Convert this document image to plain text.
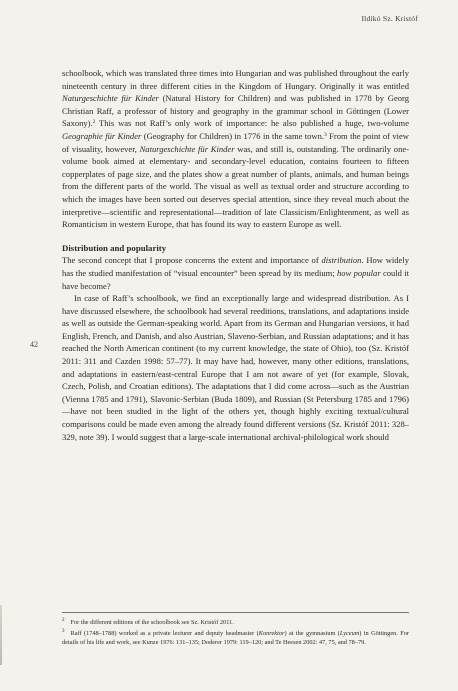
Ildikó Sz. Kristóf
42

schoolbook, which was translated three times into Hungarian and was published throughout the early nineteenth century in three different cities in the Kingdom of Hungary. Originally it was entitled Naturgeschichte für Kinder (Natural History for Children) and was published in 1778 by Georg Christian Raff, a professor of history and geography in the grammar school in Göttingen (Lower Saxony).$^2$ This was not Raff’s only work of importance: he also published a huge, two-volume Geographie für Kinder (Geography for Children) in 1776 in the same town.$^3$ From the point of view of visuality, however, Naturgeschichte für Kinder was, and still is, outstanding. The ordinarily one-volume book aimed at elementary- and secondary-level education, contains fourteen to fifteen copperplates of page size, and the plates show a great number of plants, animals, and human beings from the different parts of the world. The visual as well as textual order and structure according to which the images have been sorted out deserves special attention, since they reveal much about the interpretive—scientific and representational—tradition of late Classicism/Enlightenment, as well as Romanticism in western Europe, that has found its way to eastern Europe as well.

Distribution and popularity

The second concept that I propose concerns the extent and importance of distribution. How widely has the studied manifestation of “visual encounter” been spread by its medium; how popular could it have become?

In case of Raff’s schoolbook, we find an exceptionally large and widespread distribution. As I have discussed elsewhere, the schoolbook had several reeditions, translations, and adaptations inside as well as outside the German-speaking world. Apart from its German and Hungarian versions, it had English, French, and Danish, and also Austrian, Slaveno-Serbian, and Russian adaptations; and it has reached the North American continent (to my current knowledge, the state of Ohio), too (Sz. Kristóf 2011: 311 and Cazden 1998: 57–77). It may have had, however, many other editions, translations, and adaptations in eastern/east-central Europe that I am not aware of yet (for example, Slovak, Czech, Polish, and Croatian editions). The adaptations that I did come across—such as the Austrian (Vienna 1785 and 1791), Slavonic-Serbian (Buda 1809), and Russian (St Petersburg 1785 and 1796)—have not been studied in the light of the others yet, though highly exciting textual/cultural comparisons could be made even among the already found different versions (Sz. Kristóf 2011: 328–329, note 39). I would suggest that a large-scale international archival-philological work should

$^2$ For the different editions of the schoolbook see Sz. Kristóf 2011.

$^3$ Raff (1748–1788) worked as a private lecturer and deputy headmaster (Konrektor) at the gymnasium (Lyceum) in Göttingen. For details of his life and work, see Kunze 1976: 131–135; Doderer 1979: 119–120; and Te Heesen 2002: 47, 75, and 78–79.
